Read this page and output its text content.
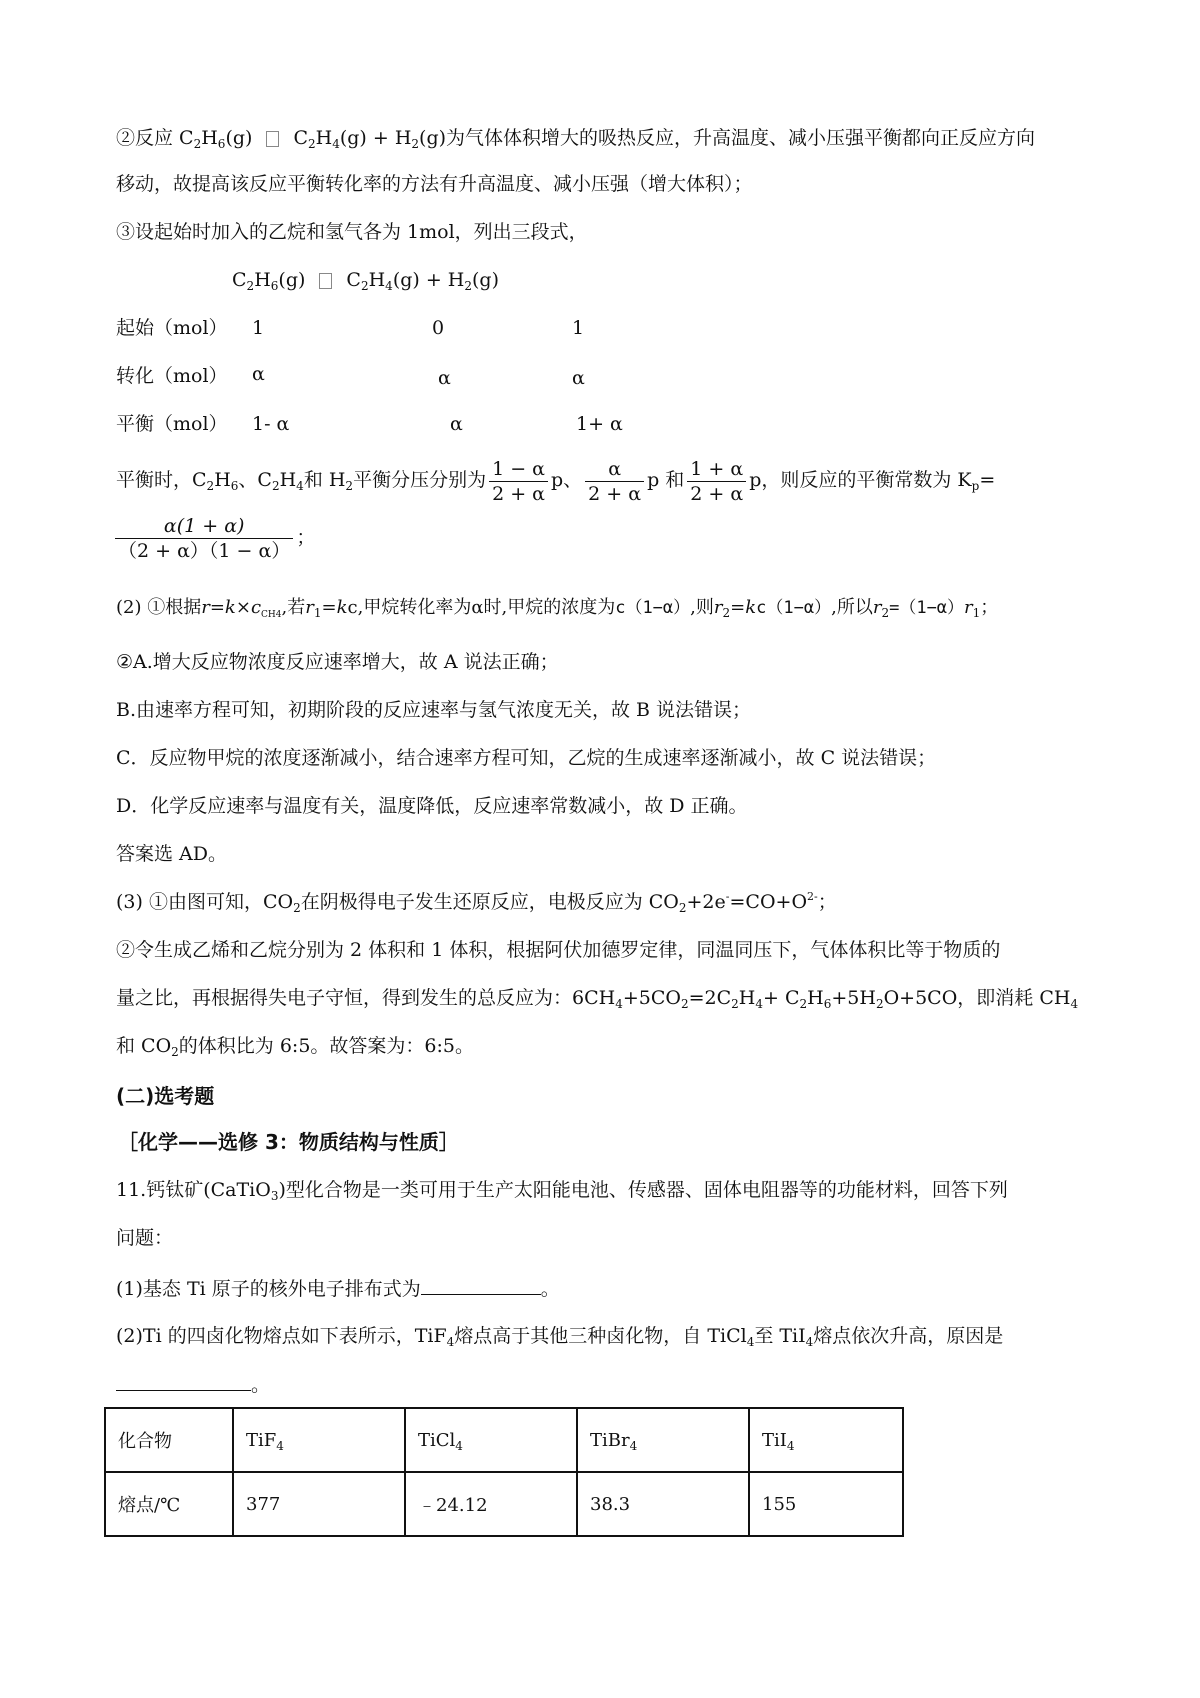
②反应 $C_2H_6(g) C_2H_4(g) + H_2(g)$为气体体积增大的吸热反应，升高温度、减小压强平衡都向正反应方向
移动，故提高该反应平衡转化率的方法有升高温度、减小压强（增大体积）；
③设起始时加入的乙烷和氢气各为 1mol，列出三段式，
$C_2H_6(g) C_2H_4(g) + H_2(g)$
起始（mol） 1	0	1
转化（mol） α	α	α
平衡（mol） 1- α	α	1+ α
平衡时，$C_2H_6$、$C_2H_4$和 $H_2$平衡分压分别为 $\frac{1 - \alpha}{2 + \alpha}$ p、 $\frac{\alpha}{2 + \alpha}$ p 和 $\frac{1 + \alpha}{2 + \alpha}$ p，则反应的平衡常数为 $K_p=$
$\frac{\alpha(1 + \alpha)}{(2 + \alpha)(1 - \alpha)}$ ；
(2) ①根据$r=k\times c_{CH4}$,若$r_1=kc$,甲烷转化率为α时,甲烷的浓度为c（1−α）,则$r_2=kc(1-\alpha)$,所以$r_2=(1-\alpha)r_1$；
②A.增大反应物浓度反应速率增大，故 A 说法正确；
B.由速率方程可知，初期阶段的反应速率与氢气浓度无关，故 B 说法错误；
C．反应物甲烷的浓度逐渐减小，结合速率方程可知，乙烷的生成速率逐渐减小，故 C 说法错误；
D．化学反应速率与温度有关，温度降低，反应速率常数减小，故 D 正确。
答案选 AD。
(3) ①由图可知，$CO_2$在阴极得电子发生还原反应，电极反应为 $CO_2+2e^-=CO+O^{2-}$；
②令生成乙烯和乙烷分别为 2 体积和 1 体积，根据阿伏加德罗定律，同温同压下，气体体积比等于物质的
量之比，再根据得失电子守恒，得到发生的总反应为：$6CH_4+5CO_2=2C_2H_4+ C_2H_6+5H_2O+5CO$，即消耗 $CH_4$
和 $CO_2$的体积比为 6:5。故答案为：6:5。
(二)选考题
［化学——选修 3：物质结构与性质］
11.钙钛矿(CaTiO$_3$)型化合物是一类可用于生产太阳能电池、传感器、固体电阻器等的功能材料，回答下列
问题：
(1)基态 Ti 原子的核外电子排布式为	。
(2)Ti 的四卤化物熔点如下表所示，TiF$_4$熔点高于其他三种卤化物，自 TiCl$_4$至 TiI$_4$熔点依次升高，原因是
。
化合物	TiF$_4$	TiCl$_4$	TiBr$_4$	TiI$_4$
熔点/℃	377	﹣24.12	38.3	155
